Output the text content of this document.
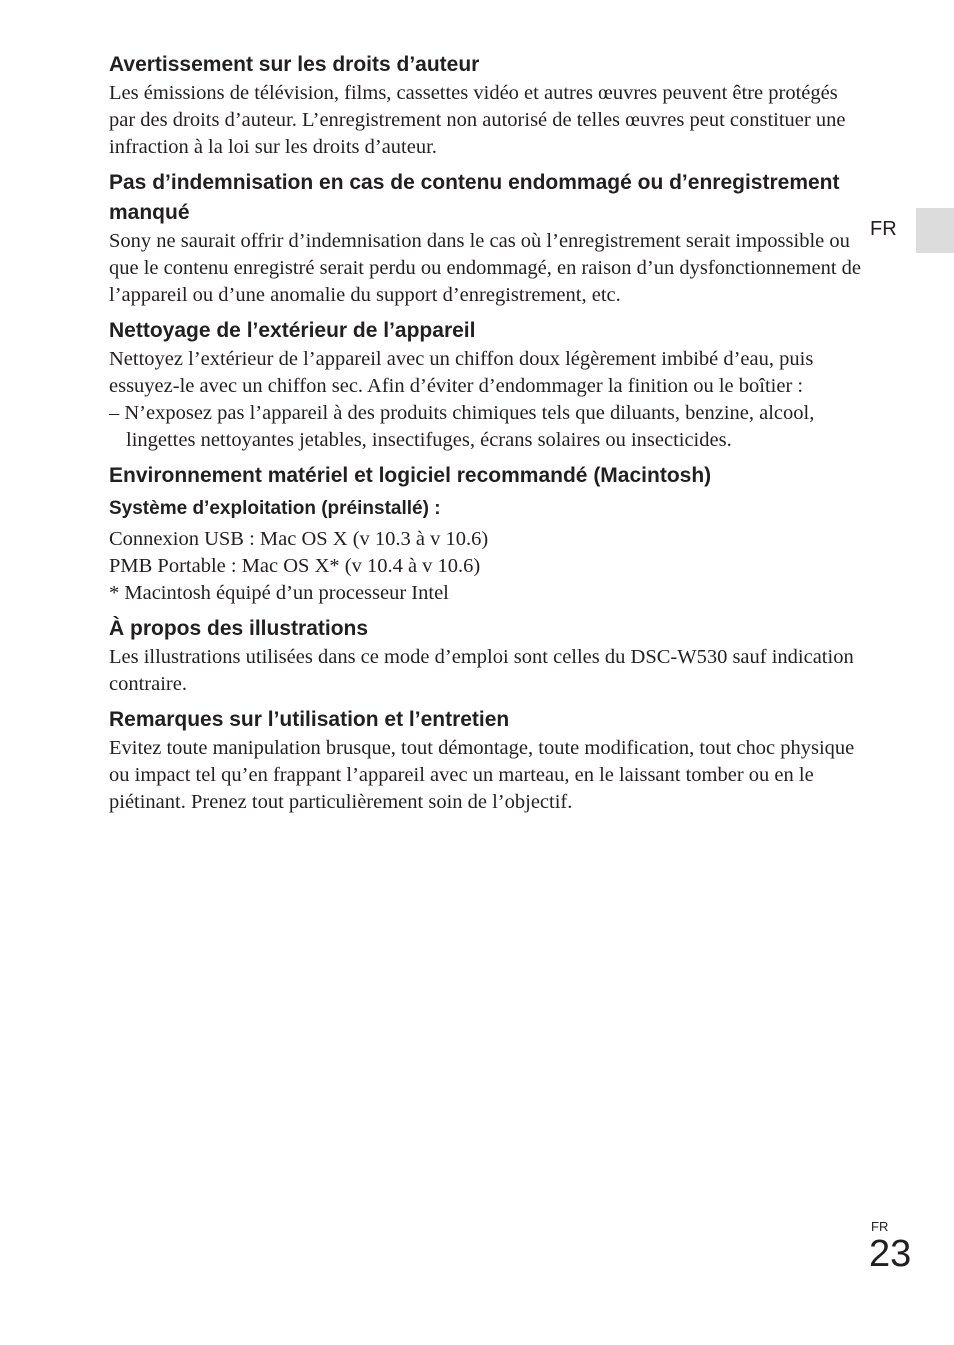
FR
Avertissement sur les droits d’auteur

Les émissions de télévision, films, cassettes vidéo et autres œuvres peuvent être protégés par des droits d’auteur. L’enregistrement non autorisé de telles œuvres peut constituer une infraction à la loi sur les droits d’auteur.

Pas d’indemnisation en cas de contenu endommagé ou d’enregistrement manqué

Sony ne saurait offrir d’indemnisation dans le cas où l’enregistrement serait impossible ou que le contenu enregistré serait perdu ou endommagé, en raison d’un dysfonctionnement de l’appareil ou d’une anomalie du support d’enregistrement, etc.

Nettoyage de l’extérieur de l’appareil

Nettoyez l’extérieur de l’appareil avec un chiffon doux légèrement imbibé d’eau, puis essuyez-le avec un chiffon sec. Afin d’éviter d’endommager la finition ou le boîtier :

– N’exposez pas l’appareil à des produits chimiques tels que diluants, benzine, alcool, lingettes nettoyantes jetables, insectifuges, écrans solaires ou insecticides.

Environnement matériel et logiciel recommandé (Macintosh)
Système d’exploitation (préinstallé) :

Connexion USB : Mac OS X (v 10.3 à v 10.6)

PMB Portable : Mac OS X* (v 10.4 à v 10.6)

* Macintosh équipé d’un processeur Intel

À propos des illustrations

Les illustrations utilisées dans ce mode d’emploi sont celles du DSC-W530 sauf indication contraire.

Remarques sur l’utilisation et l’entretien

Evitez toute manipulation brusque, tout démontage, toute modification, tout choc physique ou impact tel qu’en frappant l’appareil avec un marteau, en le laissant tomber ou en le piétinant. Prenez tout particulièrement soin de l’objectif.

FR
23
